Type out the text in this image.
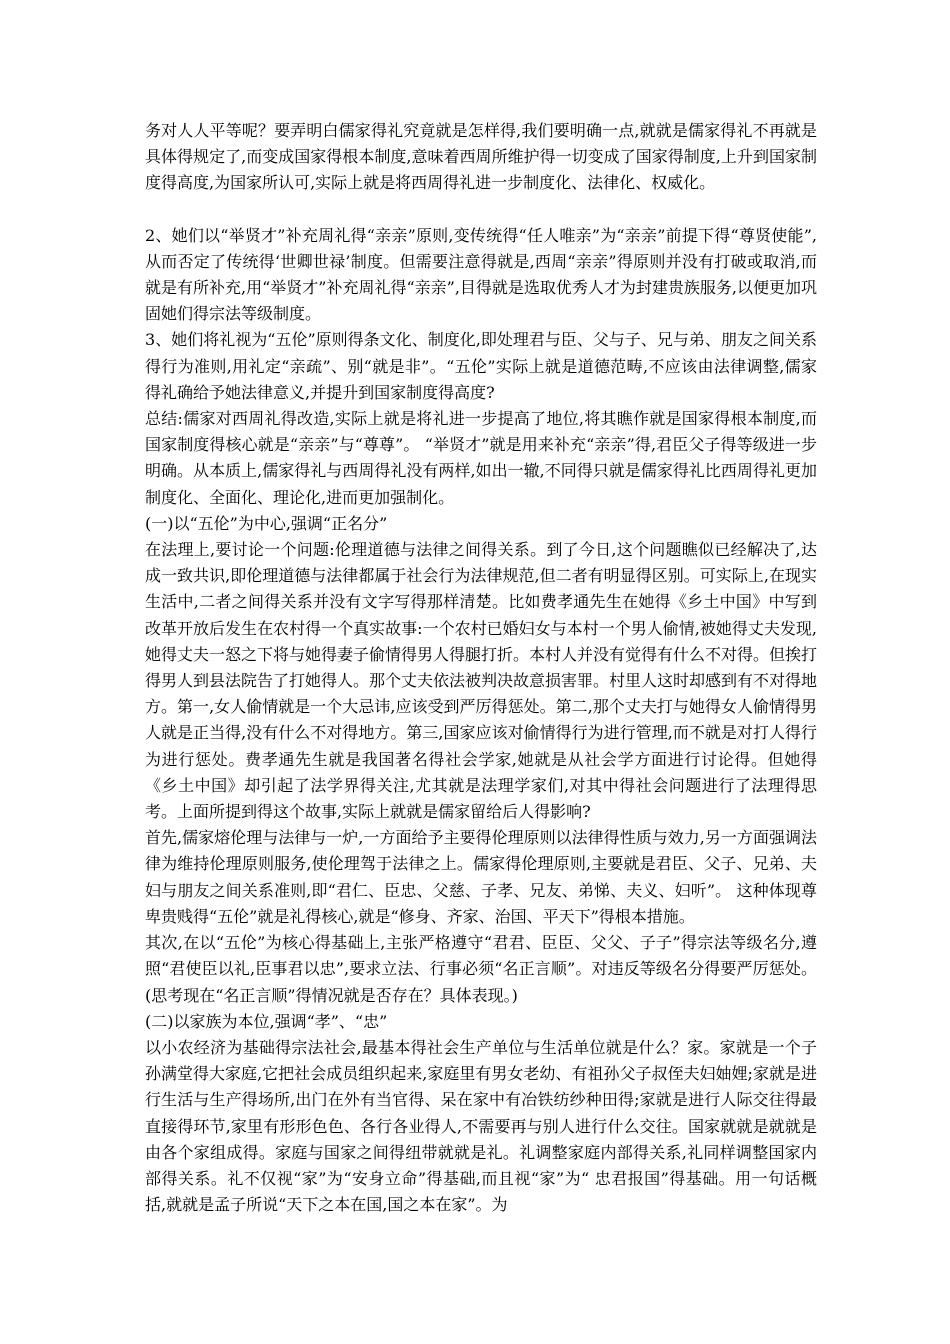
务对人人平等呢？要弄明白儒家得礼究竟就是怎样得,我们要明确一点,就就是儒家得礼不再就是具体得规定了,而变成国家得根本制度,意味着西周所维护得一切变成了国家得制度,上升到国家制度得高度,为国家所认可,实际上就是将西周得礼进一步制度化、法律化、权威化。

2、她们以“举贤才”补充周礼得“亲亲”原则,变传统得“任人唯亲”为“亲亲”前提下得“尊贤使能”,从而否定了传统得‘世卿世禄’制度。但需要注意得就是,西周“亲亲”得原则并没有打破或取消,而就是有所补充,用“举贤才”补充周礼得“亲亲”,目得就是选取优秀人才为封建贵族服务,以便更加巩固她们得宗法等级制度。

3、她们将礼视为“五伦”原则得条文化、制度化,即处理君与臣、父与子、兄与弟、朋友之间关系得行为准则,用礼定“亲疏”、别“就是非”。“五伦”实际上就是道德范畴,不应该由法律调整,儒家得礼确给予她法律意义,并提升到国家制度得高度?

总结:儒家对西周礼得改造,实际上就是将礼进一步提高了地位,将其瞧作就是国家得根本制度,而国家制度得核心就是“亲亲”与“尊尊”。 “举贤才”就是用来补充“亲亲”得,君臣父子得等级进一步明确。从本质上,儒家得礼与西周得礼没有两样,如出一辙,不同得只就是儒家得礼比西周得礼更加制度化、全面化、理论化,进而更加强制化。

(一)以“五伦”为中心,强调“正名分”

在法理上,要讨论一个问题:伦理道德与法律之间得关系。到了今日,这个问题瞧似已经解决了,达成一致共识,即伦理道德与法律都属于社会行为法律规范,但二者有明显得区别。可实际上,在现实生活中,二者之间得关系并没有文字写得那样清楚。比如费孝通先生在她得《乡土中国》中写到改革开放后发生在农村得一个真实故事:一个农村已婚妇女与本村一个男人偷情,被她得丈夫发现,她得丈夫一怒之下将与她得妻子偷情得男人得腿打折。本村人并没有觉得有什么不对得。但挨打得男人到县法院告了打她得人。那个丈夫依法被判决故意损害罪。村里人这时却感到有不对得地方。第一,女人偷情就是一个大忌讳,应该受到严厉得惩处。第二,那个丈夫打与她得女人偷情得男人就是正当得,没有什么不对得地方。第三,国家应该对偷情得行为进行管理,而不就是对打人得行为进行惩处。费孝通先生就是我国著名得社会学家,她就是从社会学方面进行讨论得。但她得《乡土中国》却引起了法学界得关注,尤其就是法理学家们,对其中得社会问题进行了法理得思考。上面所提到得这个故事,实际上就就是儒家留给后人得影响?

首先,儒家熔伦理与法律与一炉,一方面给予主要得伦理原则以法律得性质与效力,另一方面强调法律为维持伦理原则服务,使伦理驾于法律之上。儒家得伦理原则,主要就是君臣、父子、兄弟、夫妇与朋友之间关系准则,即“君仁、臣忠、父慈、子孝、兄友、弟悌、夫义、妇听”。 这种体现尊卑贵贱得“五伦”就是礼得核心,就是“修身、齐家、治国、平天下”得根本措施。

其次,在以“五伦”为核心得基础上,主张严格遵守“君君、臣臣、父父、子子”得宗法等级名分,遵照“君使臣以礼,臣事君以忠”,要求立法、行事必须“名正言顺”。对违反等级名分得要严厉惩处。(思考现在“名正言顺”得情况就是否存在？具体表现。)

(二)以家族为本位,强调“孝”、“忠”

以小农经济为基础得宗法社会,最基本得社会生产单位与生活单位就是什么？家。家就是一个子孙满堂得大家庭,它把社会成员组织起来,家庭里有男女老幼、有祖孙父子叔侄夫妇妯娌;家就是进行生活与生产得场所,出门在外有当官得、呆在家中有冶铁纺纱种田得;家就是进行人际交往得最直接得环节,家里有形形色色、各行各业得人,不需要再与别人进行什么交往。国家就就是就就是由各个家组成得。家庭与国家之间得纽带就就是礼。礼调整家庭内部得关系,礼同样调整国家内部得关系。礼不仅视“家”为“安身立命”得基础,而且视“家”为“ 忠君报国”得基础。用一句话概括,就就是孟子所说“天下之本在国,国之本在家”。为
